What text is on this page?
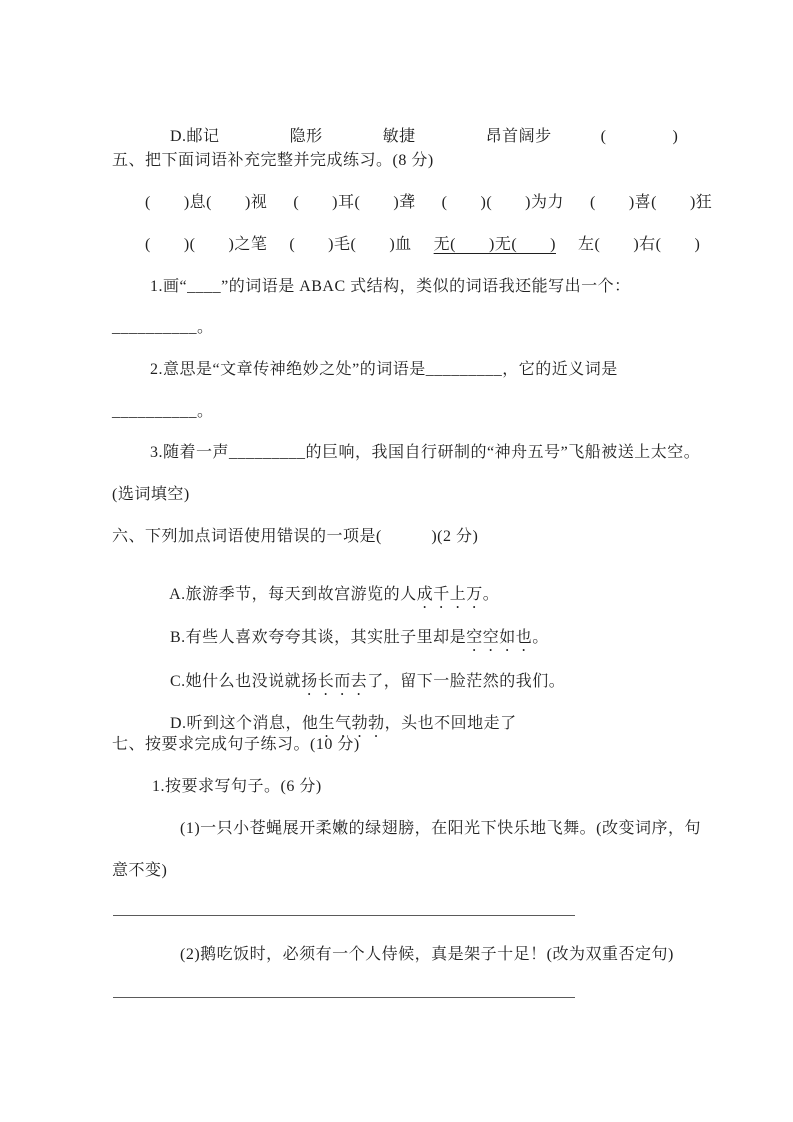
D.邮记	隐形	敏捷	昂首阔步	(　　　　)

五、把下面词语补充完整并完成练习。(8 分)
(　　)息(　　)视 (　　)耳(　　)聋 (　　)(　　)为力 (　　)喜(　　)狂
(　　)(　　)之笔 (　　)毛(　　)血 无(　　)无(　　) 左(　　)右(　　)
1.画“____”的词语是 ABAC 式结构，类似的词语我还能写出一个：
__________。
2.意思是“文章传神绝妙之处”的词语是_________，它的近义词是
__________。
3.随着一声_________的巨响，我国自行研制的“神舟五号”飞船被送上太空。
(选词填空)
六、下列加点词语使用错误的一项是(　　　)(2 分)

A.旅游季节，每天到故宫游览的人成千上万。

B.有些人喜欢夸夸其谈，其实肚子里却是空空如也。

C.她什么也没说就扬长而去了，留下一脸茫然的我们。

D.听到这个消息，他生气勃勃，头也不回地走了

七、按要求完成句子练习。(10 分)
1.按要求写句子。(6 分)
(1)一只小苍蝇展开柔嫩的绿翅膀，在阳光下快乐地飞舞。(改变词序，句
意不变)
(2)鹅吃饭时，必须有一个人侍候，真是架子十足！(改为双重否定句)
